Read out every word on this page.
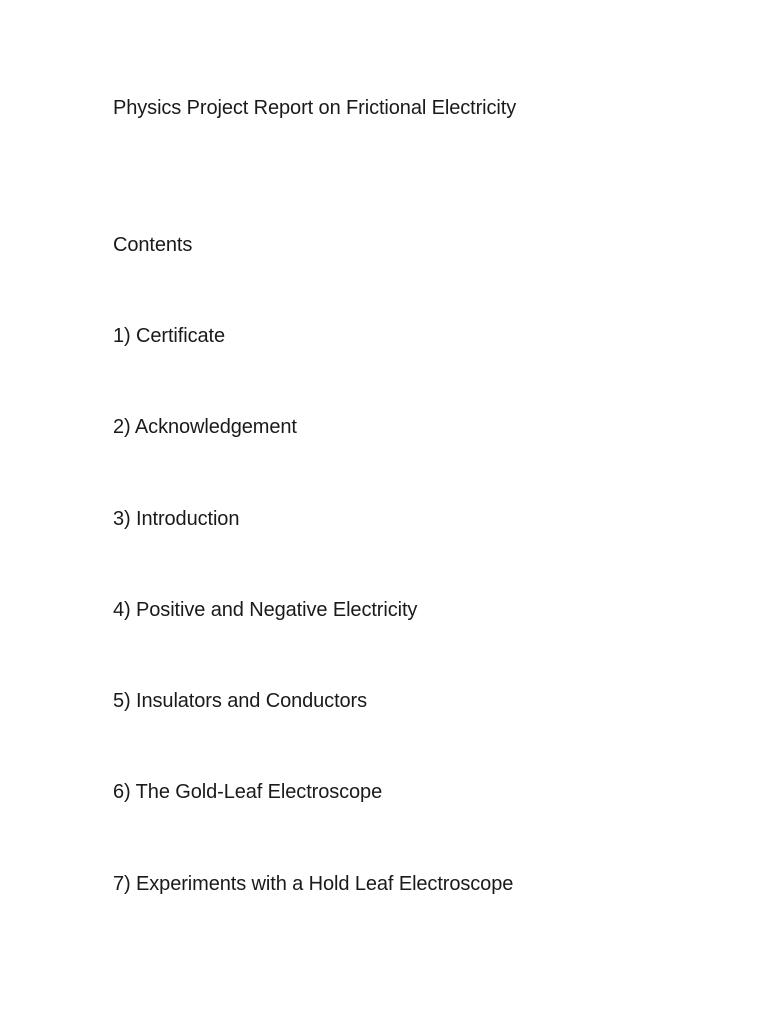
Physics Project Report on Frictional Electricity
Contents
1) Certificate
2) Acknowledgement
3) Introduction
4) Positive and Negative Electricity
5) Insulators and Conductors
6) The Gold-Leaf Electroscope
7) Experiments with a Hold Leaf Electroscope
